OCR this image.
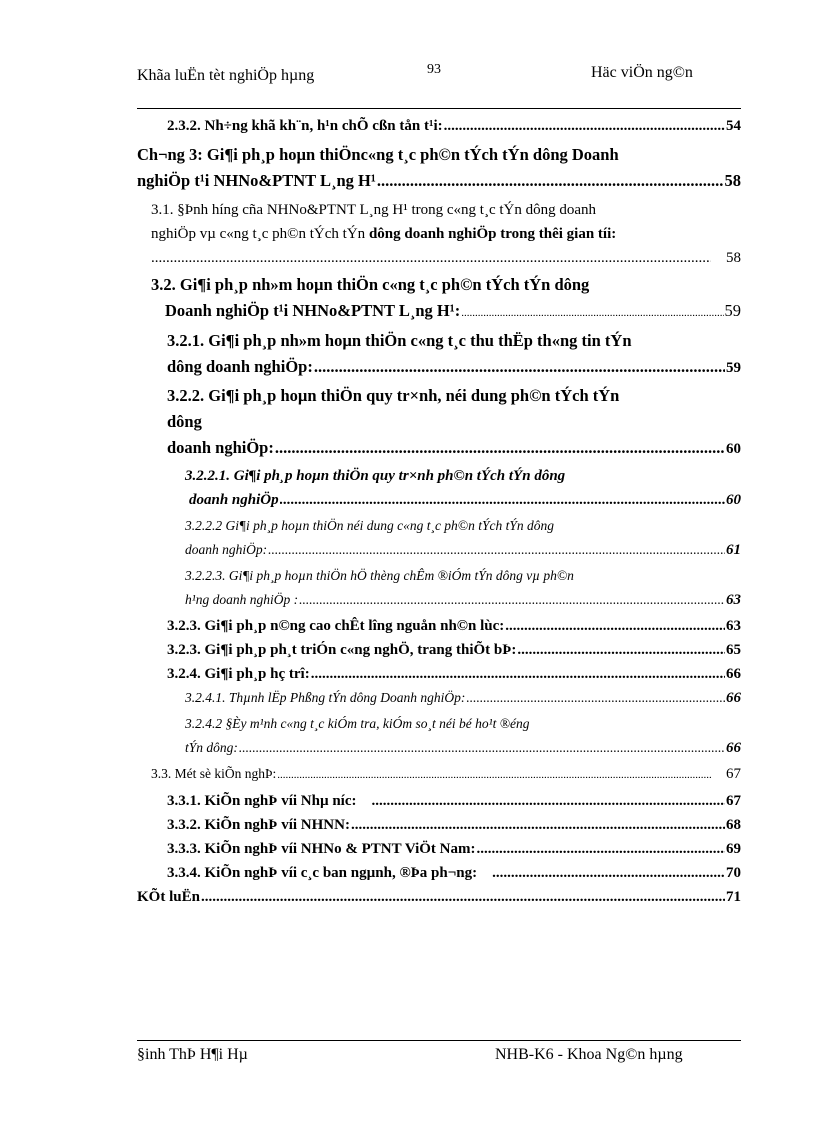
Khãa luËn tèt nghiÖp hµng	93	Häc viÖn ng©n
2.3.2. Nh÷ng khã kh¨n, h¹n chÕ cßn tån t¹i: .....	54
Ch¬ng 3: Gi¶i ph¸p hoµn thiÖnc«ng t¸c ph©n tÝch tÝn dông Doanh
nghiÖp t¹i NHNo&PTNT L¸ng H¹ .....	58
3.1. §Þnh híng cña NHNo&PTNT L¸ng H¹ trong c«ng t¸c tÝn dông doanh
nghiÖp vµ c«ng t¸c ph©n tÝch tÝn dông doanh nghiÖp trong thêi gian tíi:
.....
58
3.2. Gi¶i ph¸p nh»m hoµn thiÖn c«ng t¸c ph©n tÝch tÝn dông
Doanh nghiÖp t¹i NHNo&PTNT L¸ng H¹: .....	59
3.2.1. Gi¶i ph¸p nh»m hoµn thiÖn c«ng t¸c thu thËp th«ng tin tÝn
dông doanh nghiÖp: .....	59
3.2.2. Gi¶i ph¸p hoµn thiÖn quy tr×nh, néi dung ph©n tÝch tÝn
dông
doanh nghiÖp: .....	60
3.2.2.1. Gi¶i ph¸p hoµn thiÖn quy tr×nh ph©n tÝch tÝn dông
doanh nghiÖp .....	60
3.2.2.2 Gi¶i ph¸p hoµn thiÖn néi dung c«ng t¸c ph©n tÝch tÝn dông
doanh nghiÖp: .....	61
3.2.2.3. Gi¶i ph¸p hoµn thiÖn hÖ thèng chÊm ®iÓm tÝn dông vµ ph©n
h¹ng doanh nghiÖp : .....	63
3.2.3. Gi¶i ph¸p n©ng cao chÊt lîng nguån nh©n lùc: .....	63
3.2.3. Gi¶i ph¸p ph¸t triÓn c«ng nghÖ, trang thiÕt bÞ: .....	65
3.2.4. Gi¶i ph¸p hç trî: .....	66
3.2.4.1. Thµnh lËp Phßng tÝn dông Doanh nghiÖp: .....	66
3.2.4.2 §Èy m¹nh c«ng t¸c kiÓm tra, kiÓm so¸t néi bé ho¹t ®éng
tÝn dông: .....	66
3.3. Mét sè kiÕn nghÞ: .....	67
3.3.1. KiÕn nghÞ víi Nhµ níc: .....	67
3.3.2. KiÕn nghÞ víi NHNN: .....	68
3.3.3. KiÕn nghÞ víi NHNo & PTNT ViÖt Nam: .....	69
3.3.4. KiÕn nghÞ víi c¸c ban ngµnh, ®Þa ph¬ng: .....	70
KÕt luËn .....	71
§inh ThÞ H¶i Hµ	NHB-K6 - Khoa Ng©n hµng
